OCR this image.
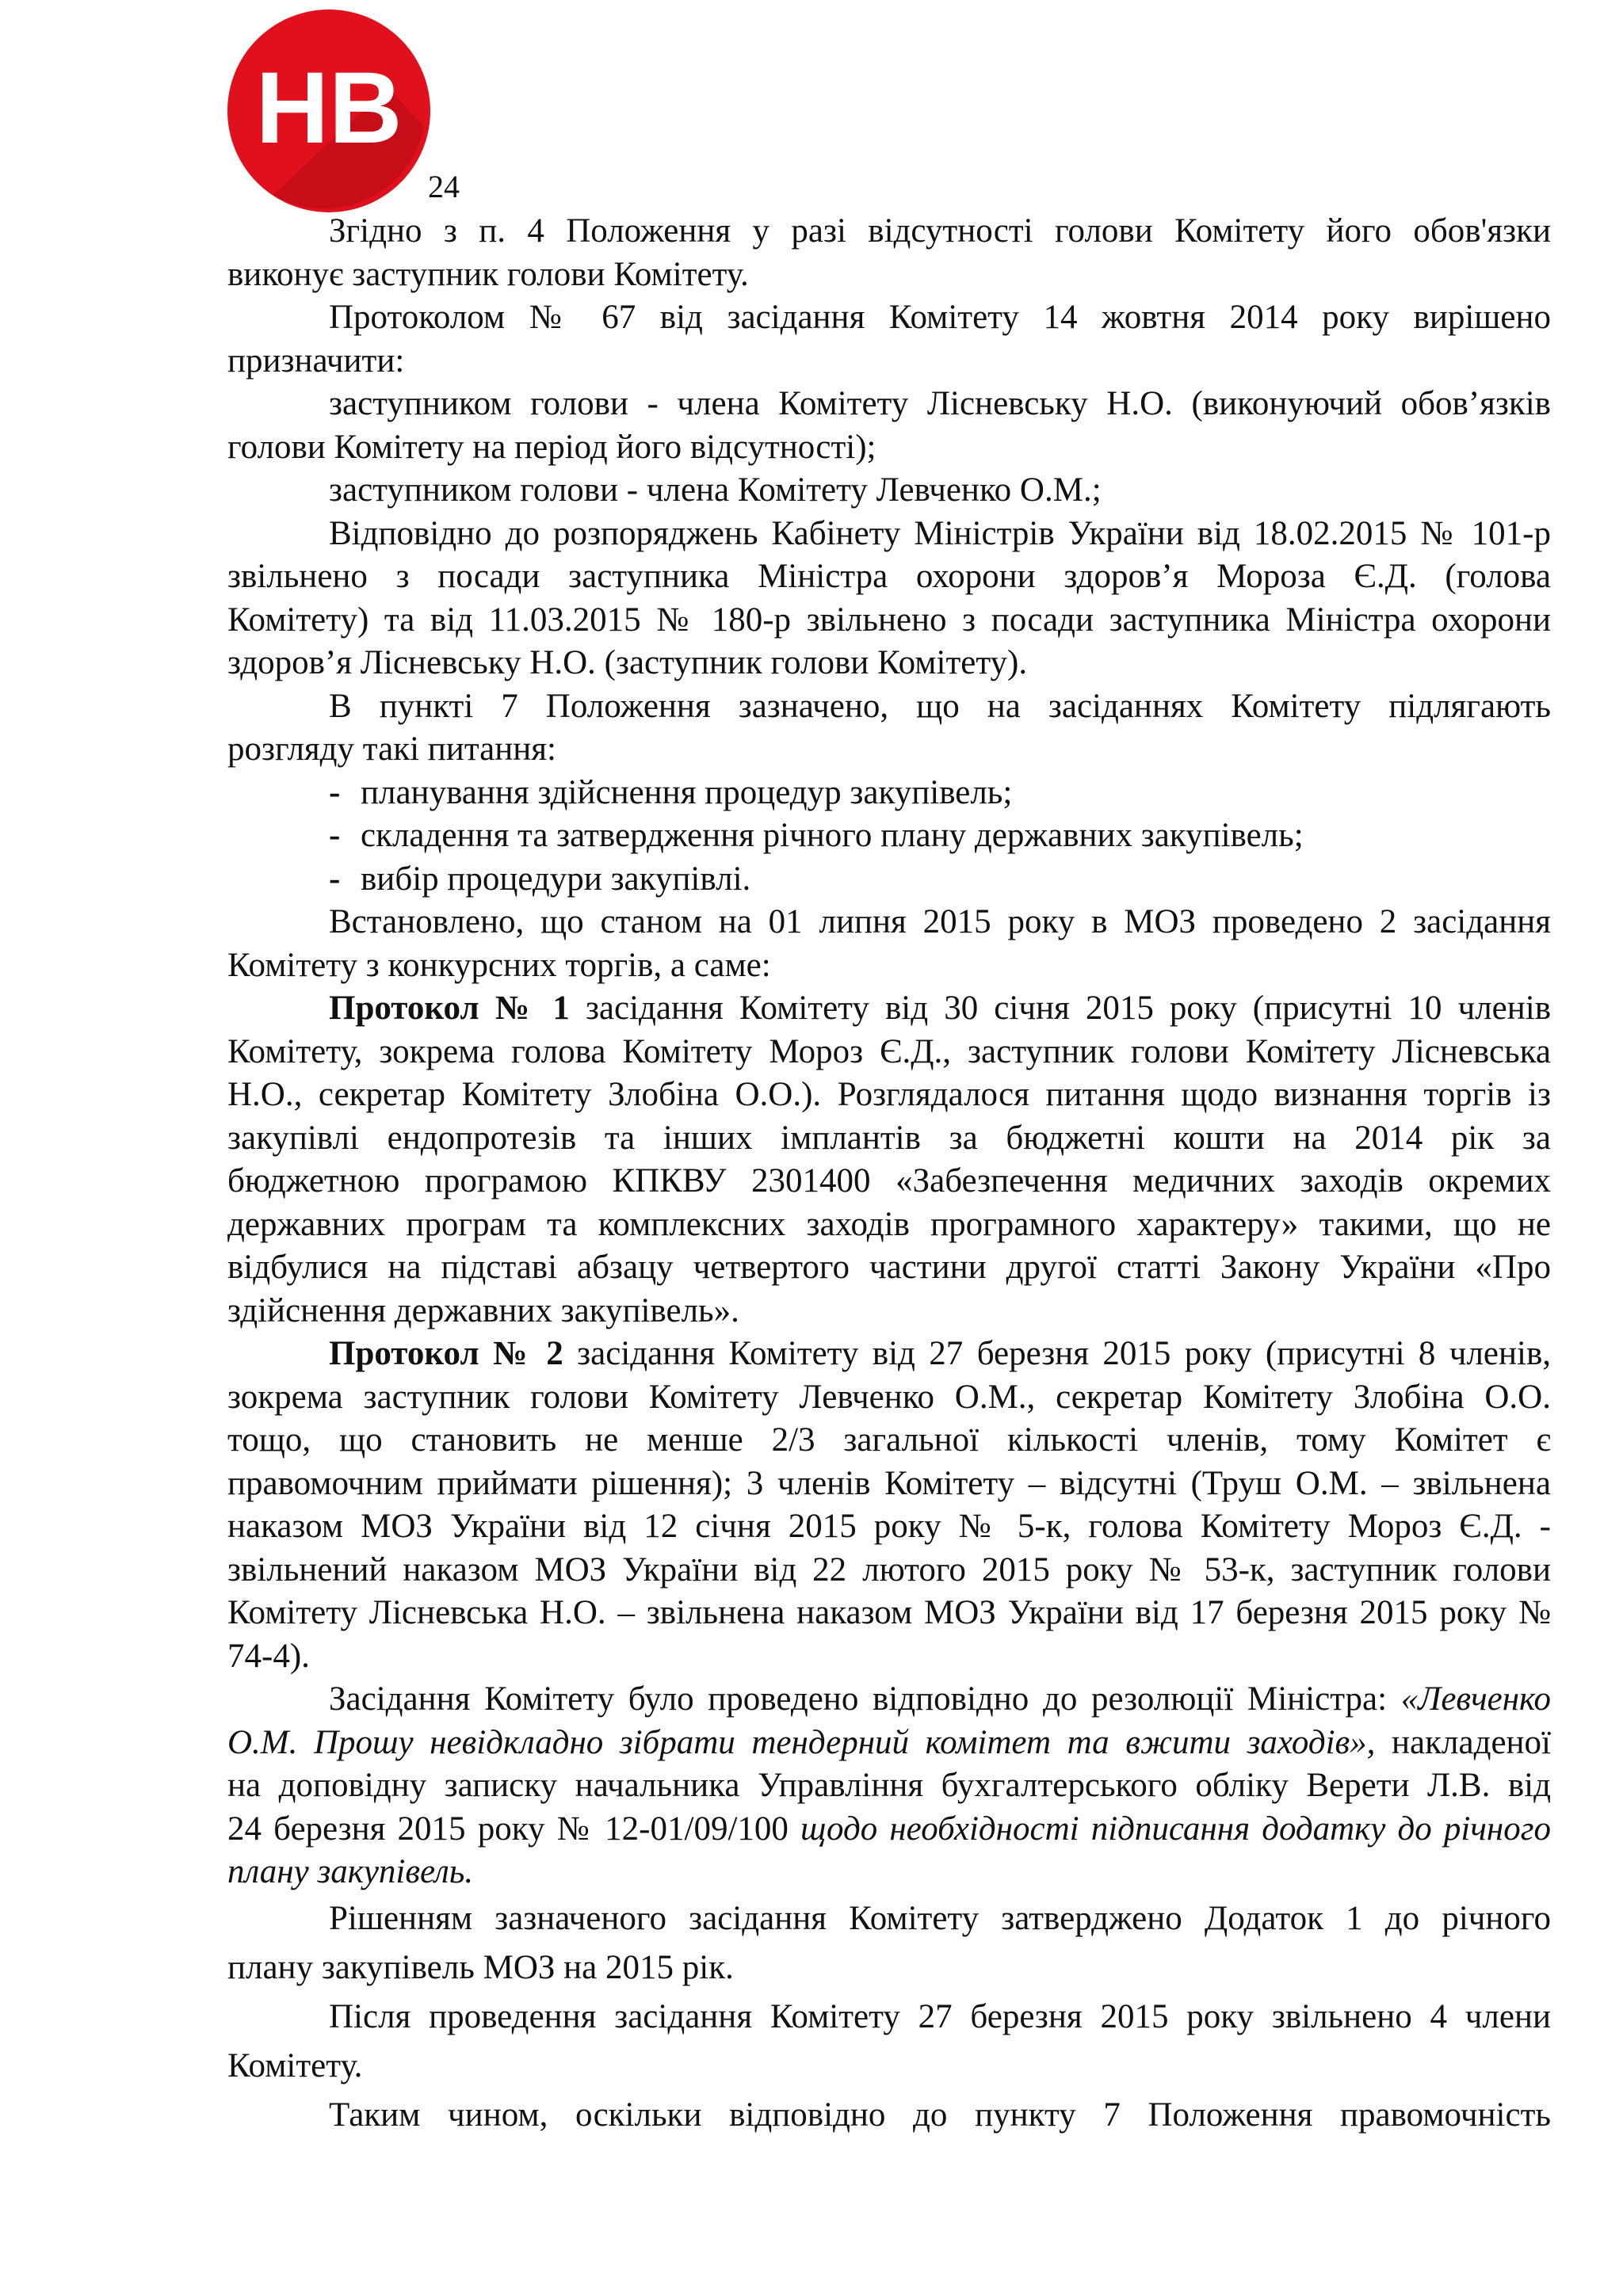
НВ
24
Згідно з п. 4 Положення у разі відсутності голови Комітету його обов'язки
виконує заступник голови Комітету.
Протоколом № 67 від засідання Комітету 14 жовтня 2014 року вирішено
призначити:
заступником голови - члена Комітету Лісневську Н.О. (виконуючий обов’язків
голови Комітету на період його відсутності);
заступником голови - члена Комітету Левченко О.М.;
Відповідно до розпоряджень Кабінету Міністрів України від 18.02.2015 № 101-р
звільнено з посади заступника Міністра охорони здоров’я Мороза Є.Д. (голова
Комітету) та від 11.03.2015 № 180-р звільнено з посади заступника Міністра охорони
здоров’я Лісневську Н.О. (заступник голови Комітету).
В пункті 7 Положення зазначено, що на засіданнях Комітету підлягають
розгляду такі питання:
- планування здійснення процедур закупівель;
- складення та затвердження річного плану державних закупівель;
- вибір процедури закупівлі.
Встановлено, що станом на 01 липня 2015 року в МОЗ проведено 2 засідання
Комітету з конкурсних торгів, а саме:
Протокол № 1 засідання Комітету від 30 січня 2015 року (присутні 10 членів
Комітету, зокрема голова Комітету Мороз Є.Д., заступник голови Комітету Лісневська
Н.О., секретар Комітету Злобіна О.О.). Розглядалося питання щодо визнання торгів із
закупівлі ендопротезів та інших імплантів за бюджетні кошти на 2014 рік за
бюджетною програмою КПКВУ 2301400 «Забезпечення медичних заходів окремих
державних програм та комплексних заходів програмного характеру» такими, що не
відбулися на підставі абзацу четвертого частини другої статті Закону України «Про
здійснення державних закупівель».
Протокол № 2 засідання Комітету від 27 березня 2015 року (присутні 8 членів,
зокрема заступник голови Комітету Левченко О.М., секретар Комітету Злобіна О.О.
тощо, що становить не менше 2/3 загальної кількості членів, тому Комітет є
правомочним приймати рішення); 3 членів Комітету – відсутні (Труш О.М. – звільнена
наказом МОЗ України від 12 січня 2015 року № 5-к, голова Комітету Мороз Є.Д. -
звільнений наказом МОЗ України від 22 лютого 2015 року № 53-к, заступник голови
Комітету Лісневська Н.О. – звільнена наказом МОЗ України від 17 березня 2015 року №
74-4).
Засідання Комітету було проведено відповідно до резолюції Міністра: «Левченко
О.М. Прошу невідкладно зібрати тендерний комітет та вжити заходів», накладеної
на доповідну записку начальника Управління бухгалтерського обліку Верети Л.В. від
24 березня 2015 року № 12-01/09/100 щодо необхідності підписання додатку до річного
плану закупівель.
Рішенням зазначеного засідання Комітету затверджено Додаток 1 до річного
плану закупівель МОЗ на 2015 рік.
Після проведення засідання Комітету 27 березня 2015 року звільнено 4 члени
Комітету.
Таким чином, оскільки відповідно до пункту 7 Положення правомочність
